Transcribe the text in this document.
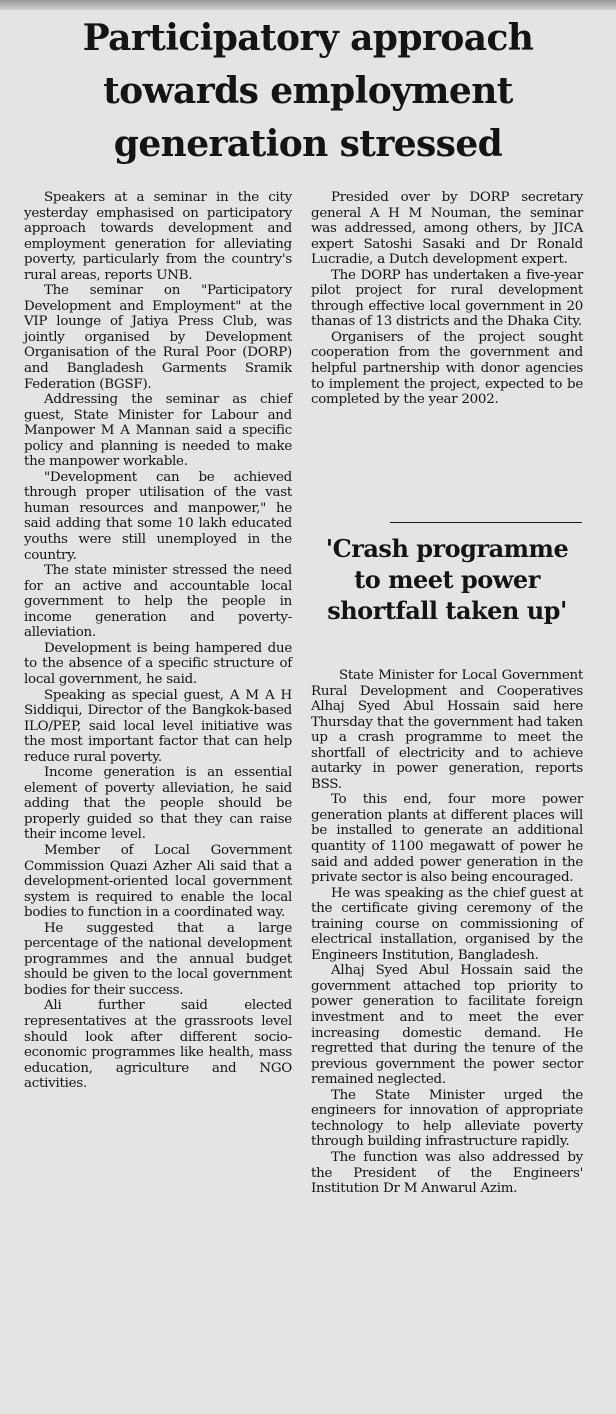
Participatory approach towards employment generation stressed

Speakers at a seminar in the city yesterday emphasised on participatory approach towards development and employment generation for alleviating poverty, particularly from the country's rural areas, reports UNB.

The seminar on "Participatory Development and Employment" at the VIP lounge of Jatiya Press Club, was jointly organised by Development Organisation of the Rural Poor (DORP) and Bangladesh Garments Sramik Federation (BGSF).

Addressing the seminar as chief guest, State Minister for Labour and Manpower M A Mannan said a specific policy and planning is needed to make the manpower workable.

"Development can be achieved through proper utilisation of the vast human resources and manpower," he said adding that some 10 lakh educated youths were still unemployed in the country.

The state minister stressed the need for an active and accountable local government to help the people in income generation and poverty-alleviation.

Development is being hampered due to the absence of a specific structure of local government, he said.

Speaking as special guest, A M A H Siddiqui, Director of the Bangkok-based ILO/PEP, said local level initiative was the most important factor that can help reduce rural poverty.

Income generation is an essential element of poverty alleviation, he said adding that the people should be properly guided so that they can raise their income level.

Member of Local Government Commission Quazi Azher Ali said that a development-oriented local government system is required to enable the local bodies to function in a coordinated way.

He suggested that a large percentage of the national development programmes and the annual budget should be given to the local government bodies for their success.

Ali further said elected representatives at the grassroots level should look after different socio-economic programmes like health, mass education, agriculture and NGO activities.

Presided over by DORP secretary general A H M Nouman, the seminar was addressed, among others, by JICA expert Satoshi Sasaki and Dr Ronald Lucradie, a Dutch development expert.

The DORP has undertaken a five-year pilot project for rural development through effective local government in 20 thanas of 13 districts and the Dhaka City.

Organisers of the project sought cooperation from the government and helpful partnership with donor agencies to implement the project, expected to be completed by the year 2002.

'Crash programme to meet power shortfall taken up'

State Minister for Local Government Rural Development and Cooperatives Alhaj Syed Abul Hossain said here Thursday that the government had taken up a crash programme to meet the shortfall of electricity and to achieve autarky in power generation, reports BSS.

To this end, four more power generation plants at different places will be installed to generate an additional quantity of 1100 megawatt of power he said and added power generation in the private sector is also being encouraged.

He was speaking as the chief guest at the certificate giving ceremony of the training course on commissioning of electrical installation, organised by the Engineers Institution, Bangladesh.

Alhaj Syed Abul Hossain said the government attached top priority to power generation to facilitate foreign investment and to meet the ever increasing domestic demand. He regretted that during the tenure of the previous government the power sector remained neglected.

The State Minister urged the engineers for innovation of appropriate technology to help alleviate poverty through building infrastructure rapidly.

The function was also addressed by the President of the Engineers' Institution Dr M Anwarul Azim.
